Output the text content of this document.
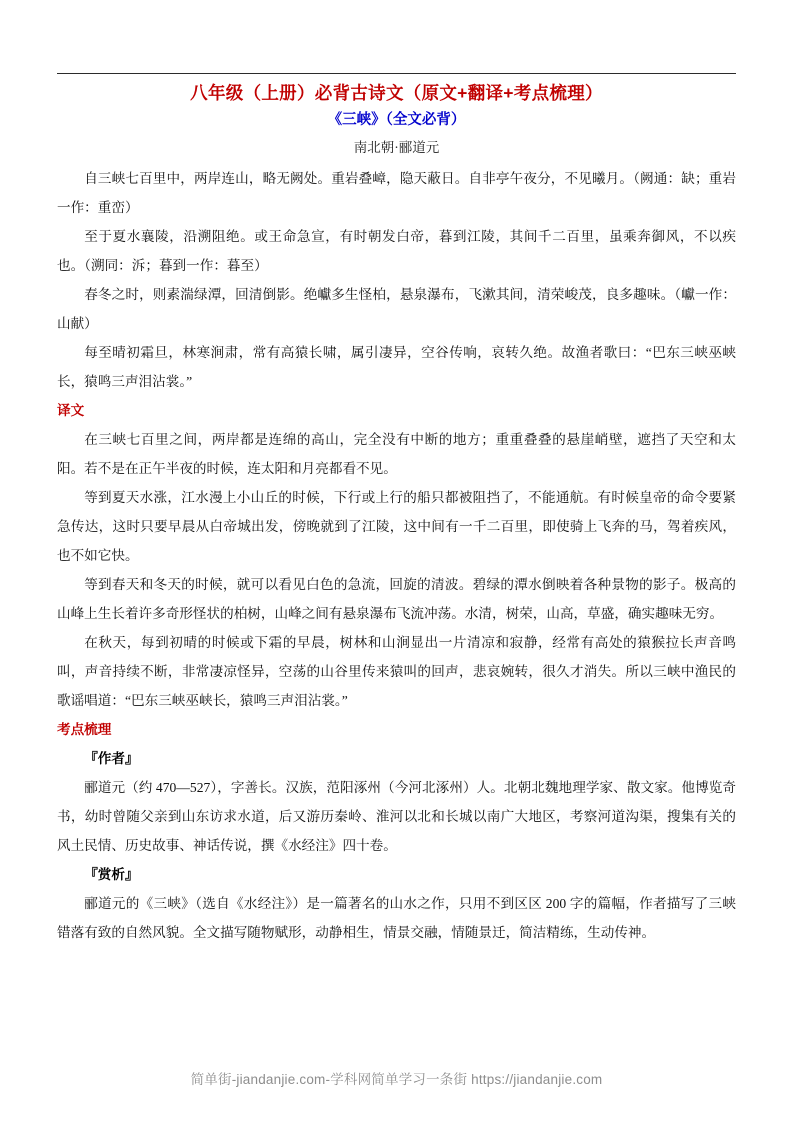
八年级（上册）必背古诗文（原文+翻译+考点梳理）
《三峡》（全文必背）
南北朝·郦道元

自三峡七百里中，两岸连山，略无阙处。重岩叠嶂，隐天蔽日。自非亭午夜分，不见曦月。（阙通：缺；重岩一作：重峦）

至于夏水襄陵，沿溯阻绝。或王命急宣，有时朝发白帝，暮到江陵，其间千二百里，虽乘奔御风，不以疾也。（溯同：泝；暮到一作：暮至）

春冬之时，则素湍绿潭，回清倒影。绝巘多生怪柏，悬泉瀑布，飞漱其间，清荣峻茂，良多趣味。（巘一作：山献）

每至晴初霜旦，林寒涧肃，常有高猿长啸，属引凄异，空谷传响，哀转久绝。故渔者歌曰：“巴东三峡巫峡长，猿鸣三声泪沾裳。”

译文

在三峡七百里之间，两岸都是连绵的高山，完全没有中断的地方；重重叠叠的悬崖峭壁，遮挡了天空和太阳。若不是在正午半夜的时候，连太阳和月亮都看不见。

等到夏天水涨，江水漫上小山丘的时候，下行或上行的船只都被阻挡了，不能通航。有时候皇帝的命令要紧急传达，这时只要早晨从白帝城出发，傍晚就到了江陵，这中间有一千二百里，即使骑上飞奔的马，驾着疾风，也不如它快。

等到春天和冬天的时候，就可以看见白色的急流，回旋的清波。碧绿的潭水倒映着各种景物的影子。极高的山峰上生长着许多奇形怪状的柏树，山峰之间有悬泉瀑布飞流冲荡。水清，树荣，山高，草盛，确实趣味无穷。

在秋天，每到初晴的时候或下霜的早晨，树林和山涧显出一片清凉和寂静，经常有高处的猿猴拉长声音鸣叫，声音持续不断，非常凄凉怪异，空荡的山谷里传来猿叫的回声，悲哀婉转，很久才消失。所以三峡中渔民的歌谣唱道：“巴东三峡巫峡长，猿鸣三声泪沾裳。”

考点梳理

『作者』

郦道元（约 470—527），字善长。汉族，范阳涿州（今河北涿州）人。北朝北魏地理学家、散文家。他博览奇书，幼时曾随父亲到山东访求水道，后又游历秦岭、淮河以北和长城以南广大地区，考察河道沟渠，搜集有关的风土民情、历史故事、神话传说，撰《水经注》四十卷。

『赏析』

郦道元的《三峡》（选自《水经注》）是一篇著名的山水之作，只用不到区区 200 字的篇幅，作者描写了三峡错落有致的自然风貌。全文描写随物赋形，动静相生，情景交融，情随景迁，简洁精练，生动传神。

简单街-jiandanjie.com-学科网简单学习一条街 https://jiandanjie.com
